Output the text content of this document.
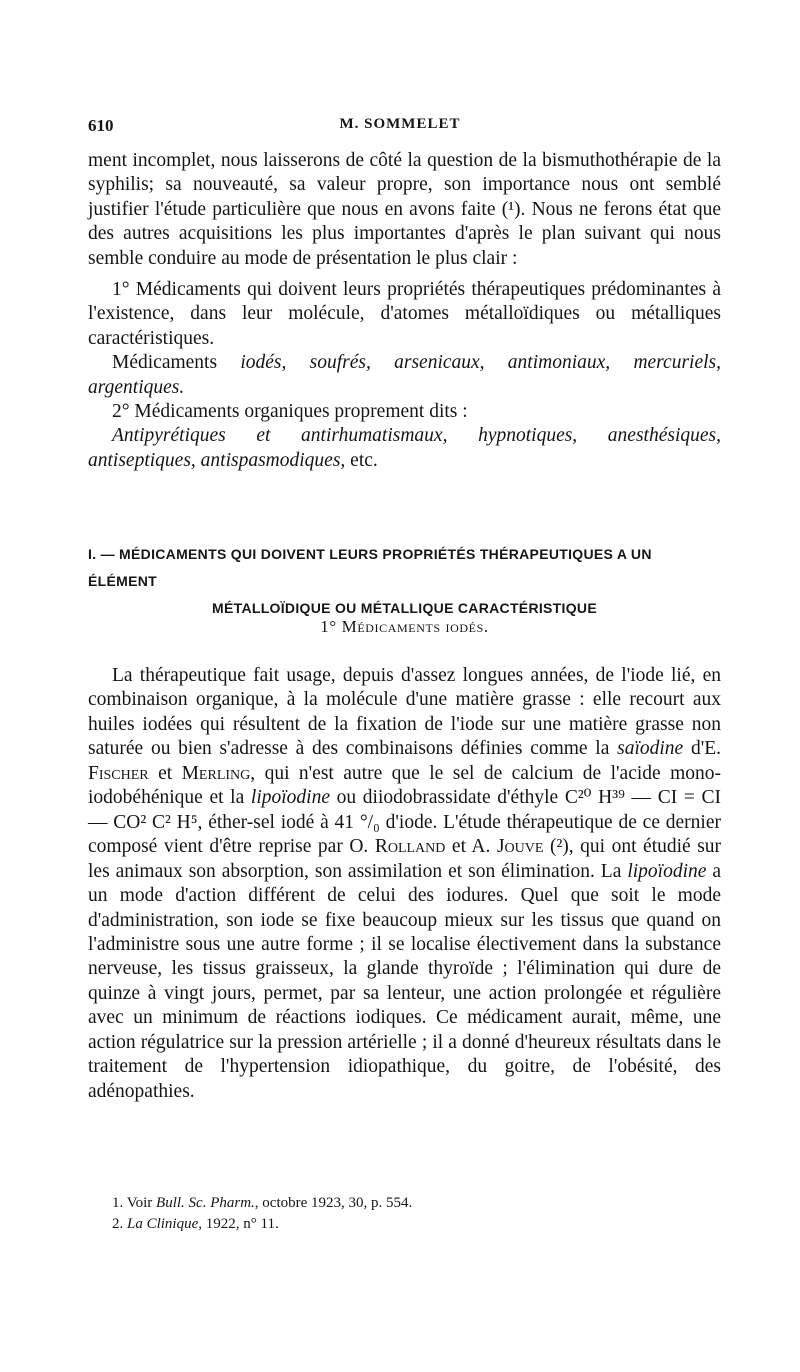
610	M. SOMMELET

ment incomplet, nous laisserons de côté la question de la bismuthothérapie de la syphilis; sa nouveauté, sa valeur propre, son importance nous ont semblé justifier l'étude particulière que nous en avons faite (¹). Nous ne ferons état que des autres acquisitions les plus importantes d'après le plan suivant qui nous semble conduire au mode de présentation le plus clair :

1° Médicaments qui doivent leurs propriétés thérapeutiques prédominantes à l'existence, dans leur molécule, d'atomes métalloïdiques ou métalliques caractéristiques.

Médicaments iodés, soufrés, arsenicaux, antimoniaux, mercuriels, argentiques.

2° Médicaments organiques proprement dits :

Antipyrétiques et antirhumatismaux, hypnotiques, anesthésiques, antiseptiques, antispasmodiques, etc.

I. — MÉDICAMENTS QUI DOIVENT LEURS PROPRIÉTÉS THÉRAPEUTIQUES A UN ÉLÉMENT
MÉTALLOÏDIQUE OU MÉTALLIQUE CARACTÉRISTIQUE
1° Médicaments iodés.

La thérapeutique fait usage, depuis d'assez longues années, de l'iode lié, en combinaison organique, à la molécule d'une matière grasse : elle recourt aux huiles iodées qui résultent de la fixation de l'iode sur une matière grasse non saturée ou bien s'adresse à des combinaisons définies comme la saïodine d'E. Fischer et Merling, qui n'est autre que le sel de calcium de l'acide mono-iodobéhénique et la lipoïodine ou diiodobrassidate d'éthyle C²⁰ H³⁹ — CI = CI — CO² C² H⁵, éther-sel iodé à 41 °/₀ d'iode. L'étude thérapeutique de ce dernier composé vient d'être reprise par O. Rolland et A. Jouve (²), qui ont étudié sur les animaux son absorption, son assimilation et son élimination. La lipoïodine a un mode d'action différent de celui des iodures. Quel que soit le mode d'administration, son iode se fixe beaucoup mieux sur les tissus que quand on l'administre sous une autre forme ; il se localise électivement dans la substance nerveuse, les tissus graisseux, la glande thyroïde ; l'élimination qui dure de quinze à vingt jours, permet, par sa lenteur, une action prolongée et régulière avec un minimum de réactions iodiques. Ce médicament aurait, même, une action régulatrice sur la pression artérielle ; il a donné d'heureux résultats dans le traitement de l'hypertension idiopathique, du goitre, de l'obésité, des adénopathies.

1. Voir Bull. Sc. Pharm., octobre 1923, 30, p. 554.
2. La Clinique, 1922, n° 11.
